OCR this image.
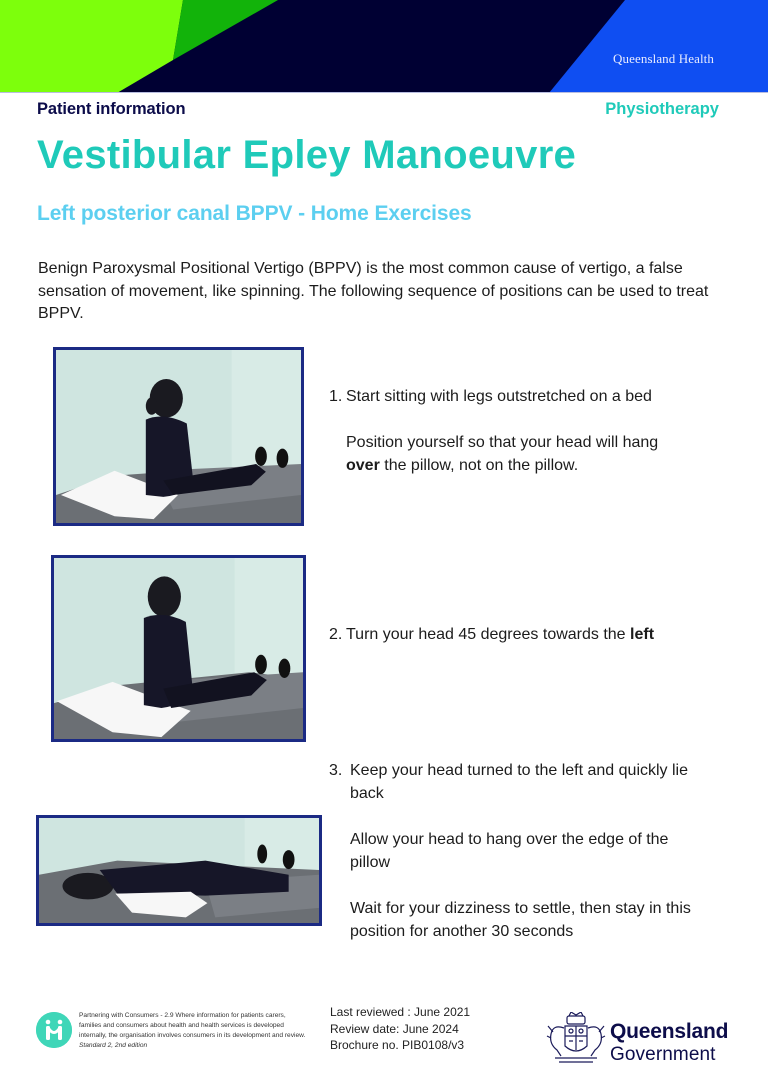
Queensland Health
Patient information	Physiotherapy
Vestibular Epley Manoeuvre
Left posterior canal BPPV - Home Exercises

Benign Paroxysmal Positional Vertigo (BPPV) is the most common cause of vertigo, a false sensation of movement, like spinning. The following sequence of positions can be used to treat BPPV.

1. Start sitting with legs outstretched on a bed
Position yourself so that your head will hang
over the pillow, not on the pillow.
2. Turn your head 45 degrees towards the left
3. Keep your head turned to the left and quickly lie back
Allow your head to hang over the edge of the pillow
Wait for your dizziness to settle, then stay in this position for another 30 seconds
Partnering with Consumers - 2.9 Where information for patients carers, families and consumers about health and health services is developed internally, the organisation involves consumers in its development and review. Standard 2, 2nd edition
Last reviewed : June 2021
Review date: June 2024
Brochure no. PIB0108/v3
Queensland
Government
